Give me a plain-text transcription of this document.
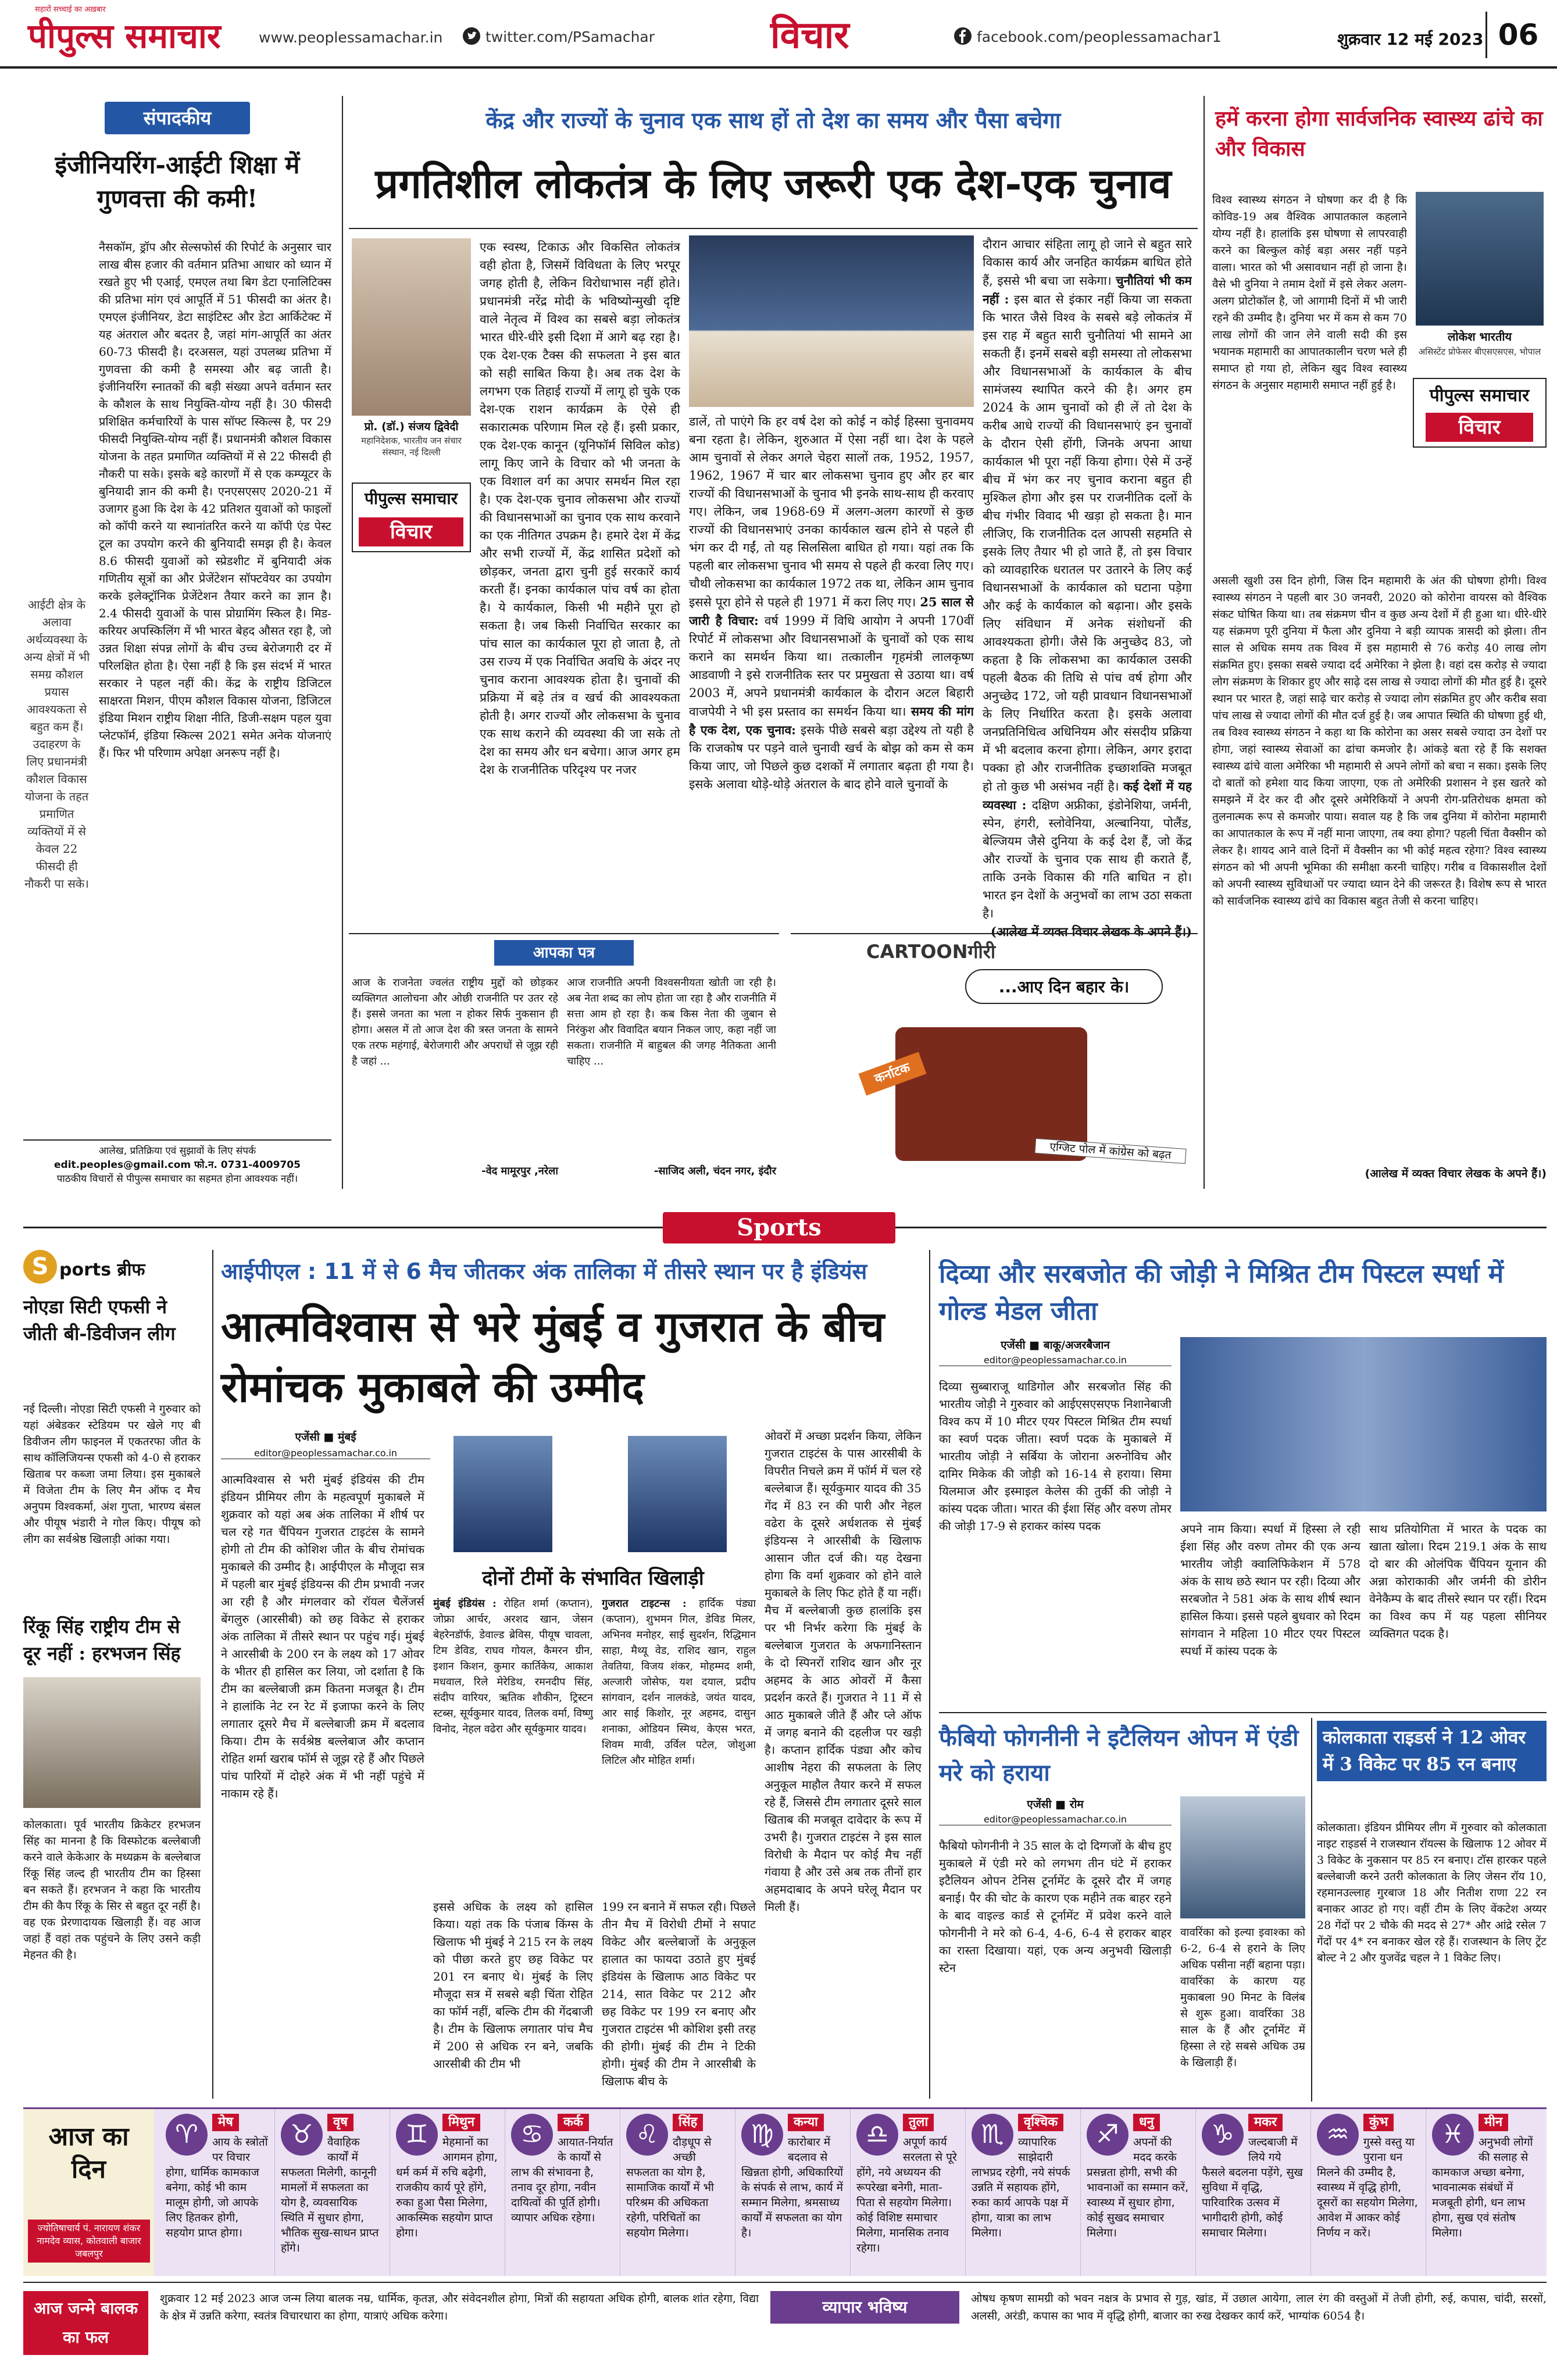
सहारों सच्चाई का अख़बार
पीपुल्स समाचार	www.peoplessamachar.in	twitter.com/PSamachar	विचार	facebook.com/peoplessamachar1	शुक्रवार 12 मई 2023 06
संपादकीय
इंजीनियरिंग-आईटी शिक्षा में गुणवत्ता की कमी!
नैसकॉम, ड्रॉप और सेल्सफोर्स की रिपोर्ट के अनुसार चार लाख बीस हजार की वर्तमान प्रतिभा आधार को ध्यान में रखते हुए भी एआई, एमएल तथा बिग डेटा एनालिटिक्स की प्रतिभा मांग एवं आपूर्ति में 51 फीसदी का अंतर है। एमएल इंजीनियर, डेटा साइंटिस्ट और डेटा आर्किटेक्ट में यह अंतराल और बदतर है, जहां मांग-आपूर्ति का अंतर 60-73 फीसदी है। दरअसल, यहां उपलब्ध प्रतिभा में गुणवत्ता की कमी है समस्या और बढ़ जाती है। इंजीनियरिंग स्नातकों की बड़ी संख्या अपने वर्तमान स्तर के कौशल के साथ नियुक्ति-योग्य नहीं है। 30 फीसदी प्रशिक्षित कर्मचारियों के पास सॉफ्ट स्किल्स है, पर 29 फीसदी नियुक्ति-योग्य नहीं हैं। प्रधानमंत्री कौशल विकास योजना के तहत प्रमाणित व्यक्तियों में से 22 फीसदी ही नौकरी पा सके। इसके बड़े कारणों में से एक कम्प्यूटर के बुनियादी ज्ञान की कमी है। एनएसएसए 2020-21 में उजागर हुआ कि देश के 42 प्रतिशत युवाओं को फाइलों को कॉपी करने या स्थानांतरित करने या कॉपी एंड पेस्ट टूल का उपयोग करने की बुनियादी समझ ही है। केवल 8.6 फीसदी युवाओं को स्प्रेडशीट में बुनियादी अंक गणितीय सूत्रों का और प्रेजेंटेशन सॉफ्टवेयर का उपयोग करके इलेक्ट्रॉनिक प्रेजेंटेशन तैयार करने का ज्ञान है। 2.4 फीसदी युवाओं के पास प्रोग्रामिंग स्किल है। मिड-करियर अपस्किलिंग में भी भारत बेहद औसत रहा है, जो उन्नत शिक्षा संपन्न लोगों के बीच उच्च बेरोजगारी दर में परिलक्षित होता है। ऐसा नहीं है कि इस संदर्भ में भारत सरकार ने पहल नहीं की। केंद्र के राष्ट्रीय डिजिटल साक्षरता मिशन, पीएम कौशल विकास योजना, डिजिटल इंडिया मिशन राष्ट्रीय शिक्षा नीति, डिजी-सक्षम पहल युवा प्लेटफॉर्म, इंडिया स्किल्स 2021 समेत अनेक योजनाएं हैं। फिर भी परिणाम अपेक्षा अनरूप नहीं है।
आईटी क्षेत्र के अलावा अर्थव्यवस्था के अन्य क्षेत्रों में भी समग्र कौशल प्रयास आवश्यकता से बहुत कम हैं। उदाहरण के लिए प्रधानमंत्री कौशल विकास योजना के तहत प्रमाणित व्यक्तियों में से केवल 22 फीसदी ही नौकरी पा सके।
आलेख, प्रतिक्रिया एवं सुझावों के लिए संपर्क
edit.peoples@gmail.com फो.न. 0731-4009705
पाठकीय विचारों से पीपुल्स समाचार का सहमत होना आवश्यक नहीं।
केंद्र और राज्यों के चुनाव एक साथ हों तो देश का समय और पैसा बचेगा
प्रगतिशील लोकतंत्र के लिए जरूरी एक देश-एक चुनाव
प्रो. (डॉ.) संजय द्विवेदी
महानिदेशक, भारतीय जन संचार संस्थान, नई दिल्ली
पीपुल्स समाचार
विचार
एक स्वस्थ, टिकाऊ और विकसित लोकतंत्र वही होता है, जिसमें विविधता के लिए भरपूर जगह होती है, लेकिन विरोधाभास नहीं होते। प्रधानमंत्री नरेंद्र मोदी के भविष्योन्मुखी दृष्टि वाले नेतृत्व में विश्व का सबसे बड़ा लोकतंत्र भारत धीरे-धीरे इसी दिशा में आगे बढ़ रहा है। एक देश-एक टैक्स की सफलता ने इस बात को सही साबित किया है। अब तक देश के लगभग एक तिहाई राज्यों में लागू हो चुके एक देश-एक राशन कार्यक्रम के ऐसे ही सकारात्मक परिणाम मिल रहे हैं। इसी प्रकार, एक देश-एक कानून (यूनिफॉर्म सिविल कोड) लागू किए जाने के विचार को भी जनता के एक विशाल वर्ग का अपार समर्थन मिल रहा है। एक देश-एक चुनाव लोकसभा और राज्यों की विधानसभाओं का चुनाव एक साथ करवाने का एक नीतिगत उपक्रम है। हमारे देश में केंद्र और सभी राज्यों में, केंद्र शासित प्रदेशों को छोड़कर, जनता द्वारा चुनी हुई सरकारें कार्य करती हैं। इनका कार्यकाल पांच वर्ष का होता है। ये कार्यकाल, किसी भी महीने पूरा हो सकता है। जब किसी निर्वाचित सरकार का पांच साल का कार्यकाल पूरा हो जाता है, तो उस राज्य में एक निर्वाचित अवधि के अंदर नए चुनाव कराना आवश्यक होता है। चुनावों की प्रक्रिया में बड़े तंत्र व खर्च की आवश्यकता होती है। अगर राज्यों और लोकसभा के चुनाव एक साथ कराने की व्यवस्था की जा सके तो देश का समय और धन बचेगा। आज अगर हम देश के राजनीतिक परिदृश्य पर नजर
डालें, तो पाएंगे कि हर वर्ष देश को कोई न कोई हिस्सा चुनावमय बना रहता है। लेकिन, शुरुआत में ऐसा नहीं था। देश के पहले आम चुनावों से लेकर अगले चेहरा सालों तक, 1952, 1957, 1962, 1967 में चार बार लोकसभा चुनाव हुए और हर बार राज्यों की विधानसभाओं के चुनाव भी इनके साथ-साथ ही करवाए गए। लेकिन, जब 1968-69 में अलग-अलग कारणों से कुछ राज्यों की विधानसभाएं उनका कार्यकाल खत्म होने से पहले ही भंग कर दी गईं, तो यह सिलसिला बाधित हो गया। यहां तक कि पहली बार लोकसभा चुनाव भी समय से पहले ही करवा लिए गए। चौथी लोकसभा का कार्यकाल 1972 तक था, लेकिन आम चुनाव इससे पूरा होने से पहले ही 1971 में करा लिए गए। 25 साल से जारी है विचार: वर्ष 1999 में विधि आयोग ने अपनी 170वीं रिपोर्ट में लोकसभा और विधानसभाओं के चुनावों को एक साथ कराने का समर्थन किया था। तत्कालीन गृहमंत्री लालकृष्ण आडवाणी ने इसे राजनीतिक स्तर पर प्रमुखता से उठाया था। वर्ष 2003 में, अपने प्रधानमंत्री कार्यकाल के दौरान अटल बिहारी वाजपेयी ने भी इस प्रस्ताव का समर्थन किया था। समय की मांग है एक देश, एक चुनाव: इसके पीछे सबसे बड़ा उद्देश्य तो यही है कि राजकोष पर पड़ने वाले चुनावी खर्च के बोझ को कम से कम किया जाए, जो पिछले कुछ दशकों में लगातार बढ़ता ही गया है। इसके अलावा थोड़े-थोड़े अंतराल के बाद होने वाले चुनावों के
दौरान आचार संहिता लागू हो जाने से बहुत सारे विकास कार्य और जनहित कार्यक्रम बाधित होते हैं, इससे भी बचा जा सकेगा। चुनौतियां भी कम नहीं : इस बात से इंकार नहीं किया जा सकता कि भारत जैसे विश्व के सबसे बड़े लोकतंत्र में इस राह में बहुत सारी चुनौतियां भी सामने आ सकती हैं। इनमें सबसे बड़ी समस्या तो लोकसभा और विधानसभाओं के कार्यकाल के बीच सामंजस्य स्थापित करने की है। अगर हम 2024 के आम चुनावों को ही लें तो देश के करीब आधे राज्यों की विधानसभाएं इन चुनावों के दौरान ऐसी होंगी, जिनके अपना आधा कार्यकाल भी पूरा नहीं किया होगा। ऐसे में उन्हें बीच में भंग कर नए चुनाव कराना बहुत ही मुश्किल होगा और इस पर राजनीतिक दलों के बीच गंभीर विवाद भी खड़ा हो सकता है। मान लीजिए, कि राजनीतिक दल आपसी सहमति से इसके लिए तैयार भी हो जाते हैं, तो इस विचार को व्यावहारिक धरातल पर उतारने के लिए कई विधानसभाओं के कार्यकाल को घटाना पड़ेगा और कई के कार्यकाल को बढ़ाना। और इसके लिए संविधान में अनेक संशोधनों की आवश्यकता होगी। जैसे कि अनुच्छेद 83, जो कहता है कि लोकसभा का कार्यकाल उसकी पहली बैठक की तिथि से पांच वर्ष होगा और अनुच्छेद 172, जो यही प्रावधान विधानसभाओं के लिए निर्धारित करता है। इसके अलावा जनप्रतिनिधित्व अधिनियम और संसदीय प्रक्रिया में भी बदलाव करना होगा। लेकिन, अगर इरादा पक्का हो और राजनीतिक इच्छाशक्ति मजबूत हो तो कुछ भी असंभव नहीं है। कई देशों में यह व्यवस्था : दक्षिण अफ्रीका, इंडोनेशिया, जर्मनी, स्पेन, हंगरी, स्लोवेनिया, अल्बानिया, पोलैंड, बेल्जियम जैसे दुनिया के कई देश हैं, जो केंद्र और राज्यों के चुनाव एक साथ ही कराते हैं, ताकि उनके विकास की गति बाधित न हो। भारत इन देशों के अनुभवों का लाभ उठा सकता है।
(आलेख में व्यक्त विचार लेखक के अपने हैं।)
आपका पत्र
आज के राजनेता ज्वलंत राष्ट्रीय मुद्दों को छोड़कर व्यक्तिगत आलोचना और ओछी राजनीति पर उतर रहे हैं। इससे जनता का भला न होकर सिर्फ नुकसान ही होगा। असल में तो आज देश की त्रस्त जनता के सामने एक तरफ महंगाई, बेरोजगारी और अपराधों से जूझ रही है जहां ...
-वेद मामूरपुर ,नरेला
आज राजनीति अपनी विश्वसनीयता खोती जा रही है। अब नेता शब्द का लोप होता जा रहा है और राजनीति में सत्ता आम हो रहा है। कब किस नेता की जुबान से निरंकुश और विवादित बयान निकल जाए, कहा नहीं जा सकता। राजनीति में बाहुबल की जगह नैतिकता आनी चाहिए ...
-साजिद अली, चंदन नगर, इंदौर
CARTOONगीरी
...आए दिन बहार के।
कर्नाटक
एग्जिट पोल में कांग्रेस को बढ़त
हमें करना होगा सार्वजनिक स्वास्थ्य ढांचे का और विकास
विश्व स्वास्थ्य संगठन ने घोषणा कर दी है कि कोविड-19 अब वैश्विक आपातकाल कहलाने योग्य नहीं है। हालांकि इस घोषणा से लापरवाही करने का बिल्कुल कोई बड़ा असर नहीं पड़ने वाला। भारत को भी असावधान नहीं हो जाना है। वैसे भी दुनिया ने तमाम देशों में इसे लेकर अलग-अलग प्रोटोकॉल है, जो आगामी दिनों में भी जारी रहने की उम्मीद है। दुनिया भर में कम से कम 70 लाख लोगों की जान लेने वाली सदी की इस भयानक महामारी का आपातकालीन चरण भले ही समाप्त हो गया हो, लेकिन खुद विश्व स्वास्थ्य संगठन के अनुसार महामारी समाप्त नहीं हुई है।
लोकेश भारतीय
असिस्टेंट प्रोफेसर बीएसएसएस, भोपाल
पीपुल्स समाचार
विचार
असली खुशी उस दिन होगी, जिस दिन महामारी के अंत की घोषणा होगी। विश्व स्वास्थ्य संगठन ने पहली बार 30 जनवरी, 2020 को कोरोना वायरस को वैश्विक संकट घोषित किया था। तब संक्रमण चीन व कुछ अन्य देशों में ही हुआ था। धीरे-धीरे यह संक्रमण पूरी दुनिया में फैला और दुनिया ने बड़ी व्यापक त्रासदी को झेला। तीन साल से अधिक समय तक विश्व में इस महामारी से 76 करोड़ 40 लाख लोग संक्रमित हुए। इसका सबसे ज्यादा दर्द अमेरिका ने झेला है। वहां दस करोड़ से ज्यादा लोग संक्रमण के शिकार हुए और साढ़े दस लाख से ज्यादा लोगों की मौत हुई है। दूसरे स्थान पर भारत है, जहां साढ़े चार करोड़ से ज्यादा लोग संक्रमित हुए और करीब सवा पांच लाख से ज्यादा लोगों की मौत दर्ज हुई है। जब आपात स्थिति की घोषणा हुई थी, तब विश्व स्वास्थ्य संगठन ने कहा था कि कोरोना का असर सबसे ज्यादा उन देशों पर होगा, जहां स्वास्थ्य सेवाओं का ढांचा कमजोर है। आंकड़े बता रहे हैं कि सशक्त स्वास्थ्य ढांचे वाला अमेरिका भी महामारी से अपने लोगों को बचा न सका। इसके लिए दो बातों को हमेशा याद किया जाएगा, एक तो अमेरिकी प्रशासन ने इस खतरे को समझने में देर कर दी और दूसरे अमेरिकियों ने अपनी रोग-प्रतिरोधक क्षमता को तुलनात्मक रूप से कमजोर पाया। सवाल यह है कि जब दुनिया में कोरोना महामारी का आपातकाल के रूप में नहीं माना जाएगा, तब क्या होगा? पहली चिंता वैक्सीन को लेकर है। शायद आने वाले दिनों में वैक्सीन का भी कोई महत्व रहेगा? विश्व स्वास्थ्य संगठन को भी अपनी भूमिका की समीक्षा करनी चाहिए। गरीब व विकासशील देशों को अपनी स्वास्थ्य सुविधाओं पर ज्यादा ध्यान देने की जरूरत है। विशेष रूप से भारत को सार्वजनिक स्वास्थ्य ढांचे का विकास बहुत तेजी से करना चाहिए।
(आलेख में व्यक्त विचार लेखक के अपने हैं।)
Sports
S ports ब्रीफ
नोएडा सिटी एफसी ने जीती बी-डिवीजन लीग
नई दिल्ली। नोएडा सिटी एफसी ने गुरुवार को यहां अंबेडकर स्टेडियम पर खेले गए बी डिवीजन लीग फाइनल में एकतरफा जीत के साथ कॉलिजियन्स एफसी को 4-0 से हराकर खिताब पर कब्जा जमा लिया। इस मुकाबले में विजेता टीम के लिए मैन ऑफ द मैच अनुपम विश्वकर्मा, अंश गुप्ता, भारण्य बंसल और पीयूष भंडारी ने गोल किए। पीयूष को लीग का सर्वश्रेष्ठ खिलाड़ी आंका गया।
रिंकू सिंह राष्ट्रीय टीम से दूर नहीं : हरभजन सिंह
कोलकाता। पूर्व भारतीय क्रिकेटर हरभजन सिंह का मानना है कि विस्फोटक बल्लेबाजी करने वाले केकेआर के मध्यक्रम के बल्लेबाज रिंकू सिंह जल्द ही भारतीय टीम का हिस्सा बन सकते हैं। हरभजन ने कहा कि भारतीय टीम की कैप रिंकू के सिर से बहुत दूर नहीं है। वह एक प्रेरणादायक खिलाड़ी हैं। वह आज जहां हैं वहां तक पहुंचने के लिए उसने कड़ी मेहनत की है।
आईपीएल : 11 में से 6 मैच जीतकर अंक तालिका में तीसरे स्थान पर है इंडियंस
आत्मविश्वास से भरे मुंबई व गुजरात के बीच रोमांचक मुकाबले की उम्मीद
एजेंसी ■ मुंबई
editor@peoplessamachar.co.in
आत्मविश्वास से भरी मुंबई इंडियंस की टीम इंडियन प्रीमियर लीग के महत्वपूर्ण मुकाबले में शुक्रवार को यहां अब अंक तालिका में शीर्ष पर चल रहे गत चैंपियन गुजरात टाइटंस के सामने होगी तो टीम की कोशिश जीत के बीच रोमांचक मुकाबले की उम्मीद है। आईपीएल के मौजूदा सत्र में पहली बार मुंबई इंडियन्स की टीम प्रभावी नजर आ रही है और मंगलवार को रॉयल चैलेंजर्स बेंगलुरु (आरसीबी) को छह विकेट से हराकर अंक तालिका में तीसरे स्थान पर पहुंच गई। मुंबई ने आरसीबी के 200 रन के लक्ष्य को 17 ओवर के भीतर ही हासिल कर लिया, जो दर्शाता है कि टीम का बल्लेबाजी क्रम कितना मजबूत है। टीम ने हालांकि नेट रन रेट में इजाफा करने के लिए लगातार दूसरे मैच में बल्लेबाजी क्रम में बदलाव किया। टीम के सर्वश्रेष्ठ बल्लेबाज और कप्तान रोहित शर्मा खराब फॉर्म से जूझ रहे हैं और पिछले पांच पारियों में दोहरे अंक में भी नहीं पहुंचे में नाकाम रहे हैं।
दोनों टीमों के संभावित खिलाड़ी
मुंबई इंडियंस : रोहित शर्मा (कप्तान), जोफ्रा आर्चर, अरशद खान, जेसन बेहरेनडॉर्फ, डेवाल्ड ब्रेविस, पीयूष चावला, टिम डेविड, राघव गोयल, कैमरन ग्रीन, इशान किशन, कुमार कार्तिकेय, आकाश मधवाल, रिले मेरेडिथ, रमनदीप सिंह, संदीप वारियर, ऋतिक शौकीन, ट्रिस्टन स्टब्स, सूर्यकुमार यादव, तिलक वर्मा, विष्णु विनोद, नेहल वढेरा और सूर्यकुमार यादव।
गुजरात टाइटन्स : हार्दिक पंड्या (कप्तान), शुभमन गिल, डेविड मिलर, अभिनव मनोहर, साई सुदर्शन, रिद्धिमान साहा, मैथ्यू वेड, राशिद खान, राहुल तेवतिया, विजय शंकर, मोहम्मद शमी, अल्जारी जोसेफ, यश दयाल, प्रदीप सांगवान, दर्शन नालकंडे, जयंत यादव, आर साई किशोर, नूर अहमद, दासुन शनाका, ओडियन स्मिथ, केएस भरत, शिवम मावी, उर्विल पटेल, जोशुआ लिटिल और मोहित शर्मा।
इससे अधिक के लक्ष्य को हासिल किया। यहां तक कि पंजाब किंग्स के खिलाफ भी मुंबई ने 215 रन के लक्ष्य को पीछा करते हुए छह विकेट पर 201 रन बनाए थे। मुंबई के लिए मौजूदा सत्र में सबसे बड़ी चिंता रोहित का फॉर्म नहीं, बल्कि टीम की गेंदबाजी है। टीम के खिलाफ लगातार पांच मैच में 200 से अधिक रन बने, जबकि आरसीबी की टीम भी
199 रन बनाने में सफल रही। पिछले तीन मैच में विरोधी टीमों ने सपाट विकेट और बल्लेबाजों के अनुकूल हालात का फायदा उठाते हुए मुंबई इंडियंस के खिलाफ आठ विकेट पर 214, सात विकेट पर 212 और छह विकेट पर 199 रन बनाए और गुजरात टाइटंस भी कोशिश इसी तरह की होगी। मुंबई की टीम ने टिकी होगी। मुंबई की टीम ने आरसीबी के खिलाफ बीच के
ओवरों में अच्छा प्रदर्शन किया, लेकिन गुजरात टाइटंस के पास आरसीबी के विपरीत निचले क्रम में फॉर्म में चल रहे बल्लेबाज हैं। सूर्यकुमार यादव की 35 गेंद में 83 रन की पारी और नेहल वढेरा के दूसरे अर्धशतक से मुंबई इंडियन्स ने आरसीबी के खिलाफ आसान जीत दर्ज की। यह देखना होगा कि वर्मा शुक्रवार को होने वाले मुकाबले के लिए फिट होते हैं या नहीं। मैच में बल्लेबाजी कुछ हालांकि इस पर भी निर्भर करेगा कि मुंबई के बल्लेबाज गुजरात के अफगानिस्तान के दो स्पिनरों राशिद खान और नूर अहमद के आठ ओवरों में कैसा प्रदर्शन करते हैं। गुजरात ने 11 में से आठ मुकाबले जीते हैं और प्ले ऑफ में जगह बनाने की दहलीज पर खड़ी है। कप्तान हार्दिक पंड्या और कोच आशीष नेहरा की सफलता के लिए अनुकूल माहौल तैयार करने में सफल रहे हैं, जिससे टीम लगातार दूसरे साल खिताब की मजबूत दावेदार के रूप में उभरी है। गुजरात टाइटंस ने इस साल विरोधी के मैदान पर कोई मैच नहीं गंवाया है और उसे अब तक तीनों हार अहमदाबाद के अपने घरेलू मैदान पर मिली हैं।
दिव्या और सरबजोत की जोड़ी ने मिश्रित टीम पिस्टल स्पर्धा में गोल्ड मेडल जीता
एजेंसी ■ बाकू/अजरबैजान
editor@peoplessamachar.co.in
दिव्या सुब्बाराजू थाडिगोल और सरबजोत सिंह की भारतीय जोड़ी ने गुरुवार को आईएसएसएफ निशानेबाजी विश्व कप में 10 मीटर एयर पिस्टल मिश्रित टीम स्पर्धा का स्वर्ण पदक जीता। स्वर्ण पदक के मुकाबले में भारतीय जोड़ी ने सर्बिया के जोराना अरुनोविच और दामिर मिकेक की जोड़ी को 16-14 से हराया। सिमा यिलमाज और इस्माइल केलेस की तुर्की की जोड़ी ने कांस्य पदक जीता। भारत की ईशा सिंह और वरुण तोमर की जोड़ी 17-9 से हराकर कांस्य पदक	अपने नाम किया। स्पर्धा में हिस्सा ले रही ईशा सिंह और वरुण तोमर की एक अन्य भारतीय जोड़ी क्वालिफिकेशन में 578 अंक के साथ छठे स्थान पर रही। दिव्या और सरबजोत ने 581 अंक के साथ शीर्ष स्थान हासिल किया। इससे पहले बुधवार को रिदम सांगवान ने महिला 10 मीटर एयर पिस्टल स्पर्धा में कांस्य पदक के
साथ प्रतियोगिता में भारत के पदक का खाता खोला। रिदम 219.1 अंक के साथ दो बार की ओलंपिक चैंपियन यूनान की अन्ना कोराकाकी और जर्मनी की डोरीन वेनेकैम्प के बाद तीसरे स्थान पर रहीं। रिदम का विश्व कप में यह पहला सीनियर व्यक्तिगत पदक है।
फैबियो फोगनीनी ने इटैलियन ओपन में एंडी मरे को हराया
एजेंसी ■ रोम
editor@peoplessamachar.co.in
फैबियो फोगनीनी ने 35 साल के दो दिग्गजों के बीच हुए मुकाबले में एंडी मरे को लगभग तीन घंटे में हराकर इटैलियन ओपन टेनिस टूर्नामेंट के दूसरे दौर में जगह बनाई। पैर की चोट के कारण एक महीने तक बाहर रहने के बाद वाइल्ड कार्ड से टूर्नामेंट में प्रवेश करने वाले फोगनीनी ने मरे को 6-4, 4-6, 6-4 से हराकर बाहर का रास्ता दिखाया। यहां, एक अन्य अनुभवी खिलाड़ी स्टेन
वावरिंका को इल्या इवाश्का को 6-2, 6-4 से हराने के लिए अधिक पसीना नहीं बहाना पड़ा। वावरिंका के कारण यह मुकाबला 90 मिनट के विलंब से शुरू हुआ। वावरिंका 38 साल के हैं और टूर्नामेंट में हिस्सा ले रहे सबसे अधिक उम्र के खिलाड़ी हैं।
कोलकाता राइडर्स ने 12 ओवर में 3 विकेट पर 85 रन बनाए
कोलकाता। इंडियन प्रीमियर लीग में गुरुवार को कोलकाता नाइट राइडर्स ने राजस्थान रॉयल्स के खिलाफ 12 ओवर में 3 विकेट के नुकसान पर 85 रन बनाए। टॉस हारकर पहले बल्लेबाजी करने उतरी कोलकाता के लिए जेसन रॉय 10, रहमानउल्लाह गुरबाज 18 और नितीश राणा 22 रन बनाकर आउट हो गए। वहीं टीम के लिए वेंकटेश अय्यर 28 गेंदों पर 2 चौके की मदद से 27* और आंद्रे रसेल 7 गेंदों पर 4* रन बनाकर खेल रहे हैं। राजस्थान के लिए ट्रेंट बोल्ट ने 2 और युजवेंद्र चहल ने 1 विकेट लिए।
आज का दिन
ज्योतिषाचार्य पं. नारायण शंकर नामदेव व्यास, कोतवाली बाजार जबलपुर
♈	मेष
आय के स्त्रोतों पर विचार होगा, धार्मिक कामकाज बनेगा, कोई भी काम मालूम होगी, जो आपके लिए हितकर होगी, सहयोग प्राप्त होगा।
♉	वृष
वैवाहिक कार्यों में सफलता मिलेगी, कानूनी मामलों में सफलता का योग है, व्यवसायिक स्थिति में सुधार होगा, भौतिक सुख-साधन प्राप्त होंगे।
♊	मिथुन
मेहमानों का आगमन होगा, धर्म कर्म में रुचि बढ़ेगी, राजकीय कार्य पूरे होंगे, रुका हुआ पैसा मिलेगा, आकस्मिक सहयोग प्राप्त होगा।
♋	कर्क
आयात-निर्यात के कार्यों से लाभ की संभावना है, तनाव दूर होगा, नवीन दायित्वों की पूर्ति होगी। व्यापार अधिक रहेगा।
♌	सिंह
दौड़धूप से अच्छी सफलता का योग है, सामाजिक कार्यों में भी परिश्रम की अधिकता रहेगी, परिचितों का सहयोग मिलेगा।
♍	कन्या
कारोबार में बदलाव से खिन्नता होगी, अधिकारियों के संपर्क से लाभ, कार्य में सम्मान मिलेगा, श्रमसाध्य कार्यों में सफलता का योग है।
♎	तुला
अपूर्ण कार्य सरलता से पूरे होंगे, नये अध्ययन की रूपरेखा बनेगी, माता-पिता से सहयोग मिलेगा। कोई विशिष्ट समाचार मिलेगा, मानसिक तनाव रहेगा।
♏	वृश्चिक
व्यापारिक साझेदारी लाभप्रद रहेगी, नये संपर्क उन्नति में सहायक होंगे, रुका कार्य आपके पक्ष में होगा, यात्रा का लाभ मिलेगा।
♐	धनु
अपनों की मदद करके प्रसन्नता होगी, सभी की भावनाओं का सम्मान करें, स्वास्थ्य में सुधार होगा, कोई सुखद समाचार मिलेगा।
♑	मकर
जल्दबाजी में लिये गये फैसले बदलना पड़ेंगे, सुख सुविधा में वृद्धि, पारिवारिक उत्सव में भागीदारी होगी, कोई समाचार मिलेगा।
♒	कुंभ
गुस्से वस्तु या पुराना धन मिलने की उम्मीद है, स्वास्थ्य में वृद्धि होगी, दूसरों का सहयोग मिलेगा, आवेश में आकर कोई निर्णय न करें।
♓	मीन
अनुभवी लोगों की सलाह से कामकाज अच्छा बनेगा, भावनात्मक संबंधों में मजबूती होगी, धन लाभ होगा, सुख एवं संतोष मिलेगा।
आज जन्मे बालक का फल
शुक्रवार 12 मई 2023 आज जन्म लिया बालक नम्र, धार्मिक, कृतज्ञ, और संवेदनशील होगा, मित्रों की सहायता अधिक होगी, बालक शांत रहेगा, विद्या के क्षेत्र में उन्नति करेगा, स्वतंत्र विचारधारा का होगा, यात्राएं अधिक करेगा।	व्यापार भविष्य	ओषध कृषण सामग्री को भवन नक्षत्र के प्रभाव से गुड़, खांड, में उछाल आयेगा, लाल रंग की वस्तुओं में तेजी होगी, रुई, कपास, चांदी, सरसों, अलसी, अरंडी, कपास का भाव में वृद्धि होगी, बाजार का रुख देखकर कार्य करें, भाग्यांक 6054 है।
